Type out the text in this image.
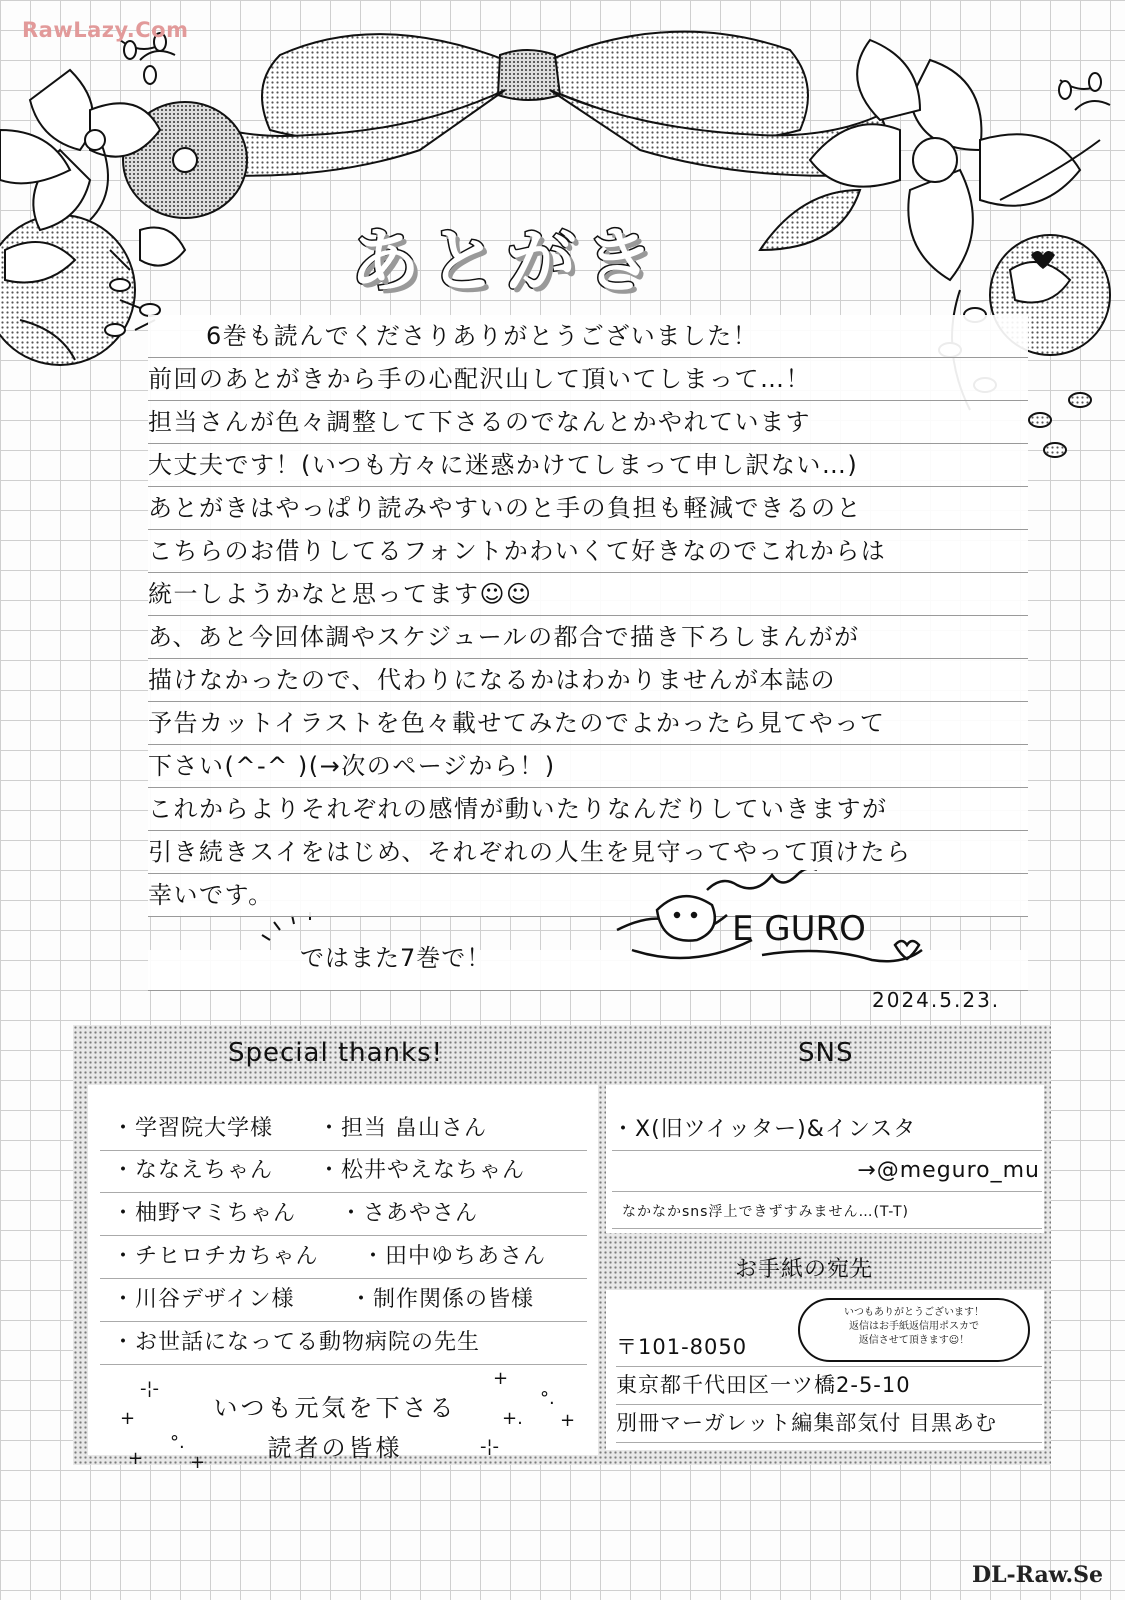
RawLazy.Com
あとがき
6巻も読んでくださりありがとうございました！
前回のあとがきから手の心配沢山して頂いてしまって…！
担当さんが色々調整して下さるのでなんとかやれています
大丈夫です！(いつも方々に迷惑かけてしまって申し訳ない…)
あとがきはやっぱり読みやすいのと手の負担も軽減できるのと
こちらのお借りしてるフォントかわいくて好きなのでこれからは
統一しようかなと思ってます☺☺
あ、あと今回体調やスケジュールの都合で描き下ろしまんがが
描けなかったので、代わりになるかはわかりませんが本誌の
予告カットイラストを色々載せてみたのでよかったら見てやって
下さい(^-^ )(→次のページから！)
これからよりそれぞれの感情が動いたりなんだりしていきますが
引き続きスイをはじめ、それぞれの人生を見守ってやって頂けたら
幸いです。
ではまた7巻で！
E GURO
2024.5.23.
Special thanks!	SNS
・学習院大学様 ・担当 畠山さん
・ななえちゃん ・松井やえなちゃん
・柚野マミちゃん ・さあやさん
・チヒロチカちゃん ・田中ゆちあさん
・川谷デザイン様	・制作関係の皆様
・お世話になってる動物病院の先生
いつも元気を下さる
読者の皆様
-¦-
+
°.
+
+
+
°.
+.
-¦-
+
・X(旧ツイッター)&インスタ
→@meguro_mu
なかなかsns浮上できずすみません…(T-T)
お手紙の宛先
いつもありがとうございます！
返信はお手紙返信用ポスカで
返信させて頂きます☺！
〒101-8050
東京都千代田区一ツ橋2-5-10
別冊マーガレット編集部気付 目黒あむ
DL-Raw.Se
